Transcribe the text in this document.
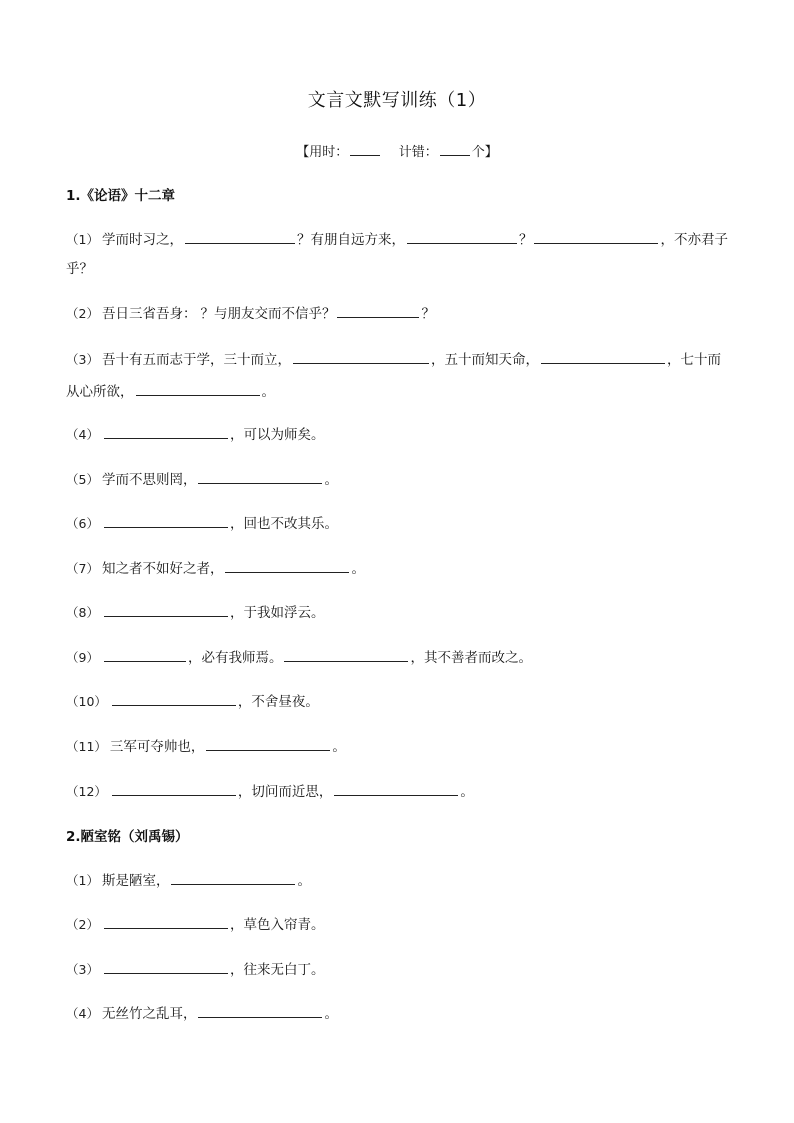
文言文默写训练（1）
【用时：	计错：	个】
1.《论语》十二章
（1） 学而时习之，	？有朋自远方来，	？	，不亦君子
乎？
（2） 吾日三省吾身： ？与朋友交而不信乎？	？
（3） 吾十有五而志于学，三十而立，	，五十而知天命，	，七十而
从心所欲，	。
（4）	，可以为师矣。
（5） 学而不思则罔，	。
（6）	，回也不改其乐。
（7） 知之者不如好之者，	。
（8）	，于我如浮云。
（9）	，必有我师焉。	，其不善者而改之。
（10）	，不舍昼夜。
（11） 三军可夺帅也，	。
（12）	，切问而近思，	。
2.陋室铭（刘禹锡）
（1） 斯是陋室，	。
（2）	，草色入帘青。
（3）	，往来无白丁。
（4） 无丝竹之乱耳，	。
